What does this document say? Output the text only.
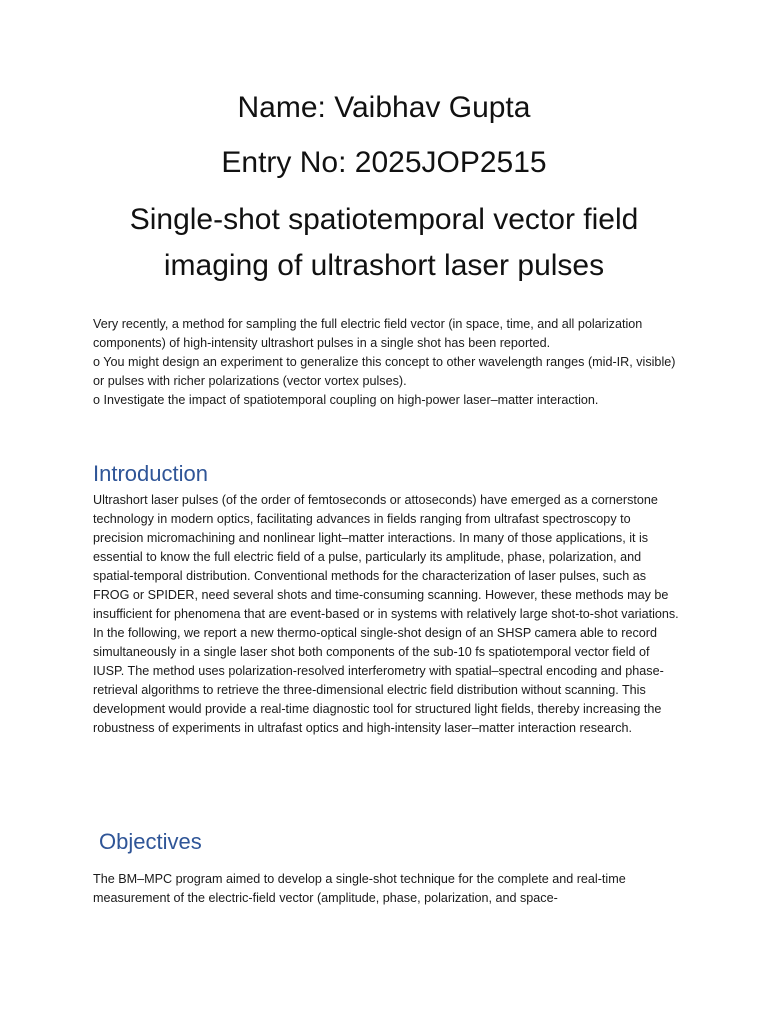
Name: Vaibhav Gupta
Entry No: 2025JOP2515
Single-shot spatiotemporal vector field imaging of ultrashort laser pulses

Very recently, a method for sampling the full electric field vector (in space, time, and all polarization components) of high-intensity ultrashort pulses in a single shot has been reported.

o You might design an experiment to generalize this concept to other wavelength ranges (mid-IR, visible) or pulses with richer polarizations (vector vortex pulses).

o Investigate the impact of spatiotemporal coupling on high-power laser–matter interaction.

Introduction

Ultrashort laser pulses (of the order of femtoseconds or attoseconds) have emerged as a cornerstone technology in modern optics, facilitating advances in fields ranging from ultrafast spectroscopy to precision micromachining and nonlinear light–matter interactions. In many of those applications, it is essential to know the full electric field of a pulse, particularly its amplitude, phase, polarization, and spatial-temporal distribution. Conventional methods for the characterization of laser pulses, such as FROG or SPIDER, need several shots and time-consuming scanning. However, these methods may be insufficient for phenomena that are event-based or in systems with relatively large shot-to-shot variations.

In the following, we report a new thermo-optical single-shot design of an SHSP camera able to record simultaneously in a single laser shot both components of the sub-10 fs spatiotemporal vector field of IUSP. The method uses polarization-resolved interferometry with spatial–spectral encoding and phase-retrieval algorithms to retrieve the three-dimensional electric field distribution without scanning. This development would provide a real-time diagnostic tool for structured light fields, thereby increasing the robustness of experiments in ultrafast optics and high-intensity laser–matter interaction research.

Objectives

The BM–MPC program aimed to develop a single-shot technique for the complete and real-time measurement of the electric-field vector (amplitude, phase, polarization, and space-
